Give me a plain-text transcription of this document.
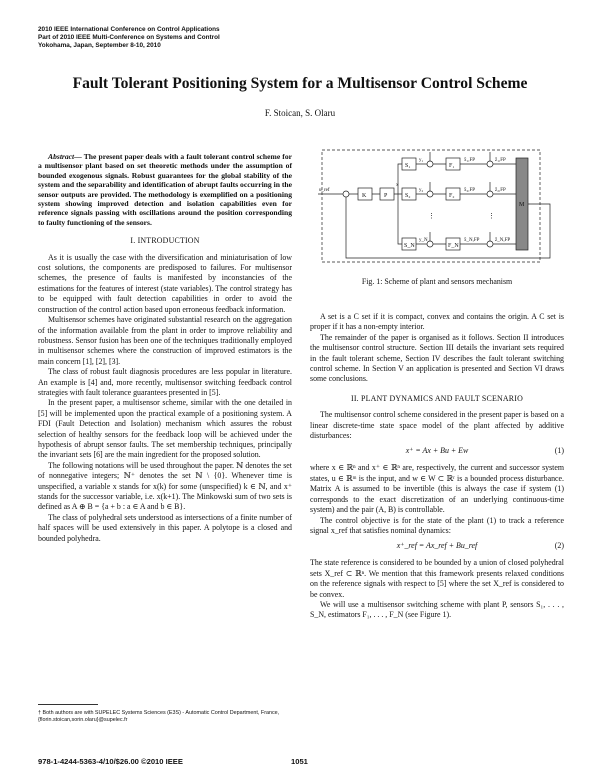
2010 IEEE International Conference on Control Applications
Part of 2010 IEEE Multi-Conference on Systems and Control
Yokohama, Japan, September 8-10, 2010
Fault Tolerant Positioning System for a Multisensor Control Scheme
F. Stoican, S. Olaru

Abstract— The present paper deals with a fault tolerant control scheme for a multisensor plant based on set theoretic methods under the assumption of bounded exogenous signals. Robust guarantees for the global stability of the system and the separability and identification of abrupt faults occurring in the sensor outputs are provided. The methodology is exemplified on a positioning system showing improved detection and isolation capabilities even for reference signals passing with oscillations around the position corresponding to faulty functioning of the sensors.

I. INTRODUCTION

As it is usually the case with the diversification and miniaturisation of low cost solutions, the components are predisposed to failures. For multisensor schemes, the presence of faults is manifested by inconstancies of the estimations for the features of interest (state variables). The control strategy has to be equipped with fault detection capabilities in order to avoid the construction of the control action based upon erroneous feedback information.

Multisensor schemes have originated substantial research on the aggregation of the information available from the plant in order to improve reliability and robustness. Sensor fusion has been one of the techniques traditionally employed in multisensor schemes where the construction of improved estimators is the main concern [1], [2], [3].

The class of robust fault diagnosis procedures are less popular in literature. An example is [4] and, more recently, multisensor switching feedback control strategies with fault tolerance guarantees presented in [5].

In the present paper, a multisensor scheme, similar with the one detailed in [5] will be implemented upon the practical example of a positioning system. A FDI (Fault Detection and Isolation) mechanism which assures the robust selection of healthy sensors for the feedback loop will be achieved under the hypothesis of abrupt sensor faults. The set membership techniques, principally the invariant sets [6] are the main ingredient for the proposed solution.

The following notations will be used throughout the paper. ℕ denotes the set of nonnegative integers; ℕ⁺ denotes the set ℕ \ {0}. Whenever time is unspecified, a variable x stands for x(k) for some (unspecified) k ∈ ℕ, and x⁺ stands for the successor variable, i.e. x(k+1). The Minkowski sum of two sets is defined as A ⊕ B = {a + b : a ∈ A and b ∈ B}.

The class of polyhedral sets understood as intersections of a finite number of half spaces will be used extensively in this paper. A polytope is a closed and bounded polyhedra.

† Both authors are with SUPELEC Systems Sciences (E3S) - Automatic Control Department, France, {florin.stoican,sorin.olaru}@supelec.fr
K	P
S₁
S₂
S_N
F₁
F₂
F_N
M
u_ref
x
y₁
y₂
y_N
x̂₁,FP
x̂₂,FP
x̂_N,FP
z̃₁,FP
z̃₂,FP
z̃_N,FP
⋮	⋮
Fig. 1: Scheme of plant and sensors mechanism

A set is a C set if it is compact, convex and contains the origin. A C set is proper if it has a non-empty interior.

The remainder of the paper is organised as it follows. Section II introduces the multisensor control structure. Section III details the invariant sets required in the fault tolerant scheme, Section IV describes the fault tolerant switching control scheme. In Section V an application is presented and Section VI draws some conclusions.

II. PLANT DYNAMICS AND FAULT SCENARIO

The multisensor control scheme considered in the present paper is based on a linear discrete-time state space model of the plant affected by additive disturbances:

x⁺ = Ax + Bu + Ew	(1)

where x ∈ ℝⁿ and x⁺ ∈ ℝⁿ are, respectively, the current and successor system states, u ∈ ℝᵐ is the input, and w ∈ W ⊂ ℝʳ is a bounded process disturbance. Matrix A is assumed to be invertible (this is always the case if system (1) corresponds to the exact discretization of an underlying continuous-time system) and the pair (A, B) is controllable.

The control objective is for the state of the plant (1) to track a reference signal x_ref that satisfies nominal dynamics:

x⁺_ref = Ax_ref + Bu_ref	(2)

The state reference is considered to be bounded by a union of closed polyhedral sets X_ref ⊂ ℝⁿ. We mention that this framework presents relaxed conditions on the reference signals with respect to [5] where the set X_ref is considered to be convex.

We will use a multisensor switching scheme with plant P, sensors S₁, . . . , S_N, estimators F₁, . . . , F_N (see Figure 1).

978-1-4244-5363-4/10/$26.00 ©2010 IEEE	1051
